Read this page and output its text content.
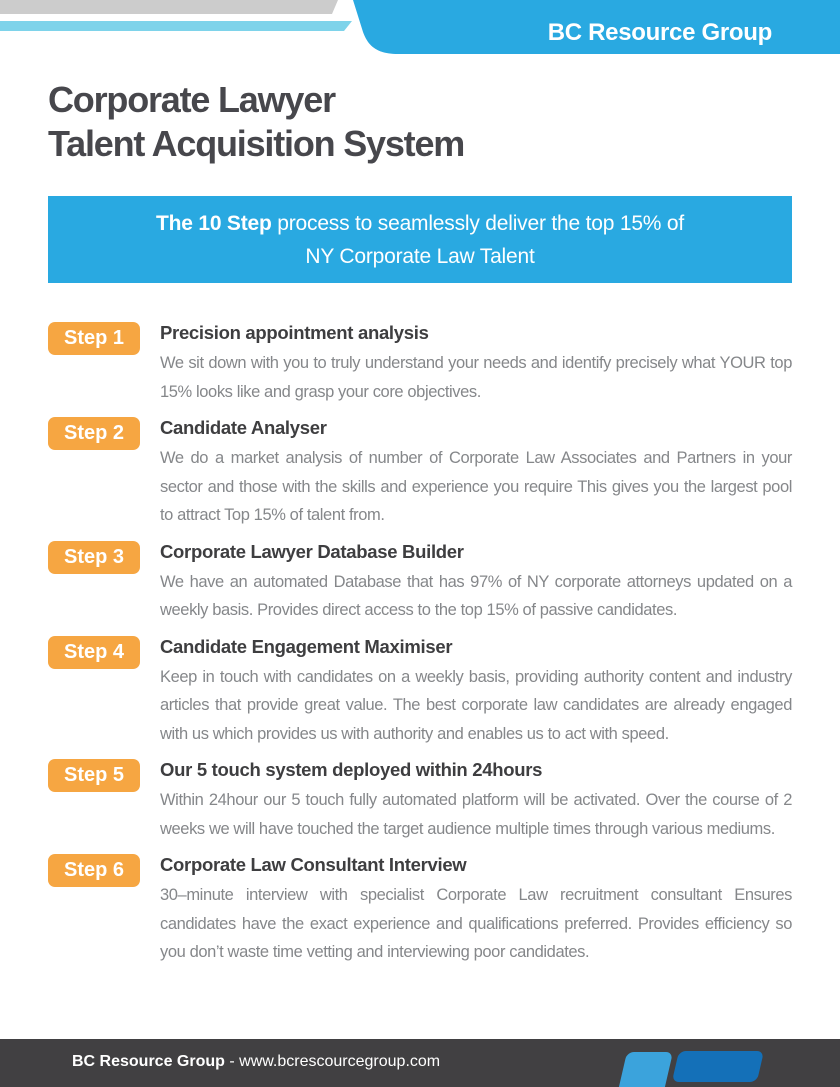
BC Resource Group
Corporate Lawyer
Talent Acquisition System
The 10 Step process to seamlessly deliver the top 15% of
NY Corporate Law Talent
Step 1	Precision appointment analysis

We sit down with you to truly understand your needs and identify precisely what YOUR top 15% looks like and grasp your core objectives.

Step 2	Candidate Analyser

We do a market analysis of number of Corporate Law Associates and Partners in your sector and those with the skills and experience you require This gives you the largest pool to attract Top 15% of talent from.

Step 3	Corporate Lawyer Database Builder

We have an automated Database that has 97% of NY corporate attorneys updated on a weekly basis. Provides direct access to the top 15% of passive candidates.

Step 4	Candidate Engagement Maximiser

Keep in touch with candidates on a weekly basis, providing authority content and industry articles that provide great value. The best corporate law candidates are already engaged with us which provides us with authority and enables us to act with speed.

Step 5	Our 5 touch system deployed within 24hours

Within 24hour our 5 touch fully automated platform will be activated. Over the course of 2 weeks we will have touched the target audience multiple times through various mediums.

Step 6	Corporate Law Consultant Interview

30–minute interview with specialist Corporate Law recruitment consultant Ensures candidates have the exact experience and qualifications preferred. Provides efficiency so you don’t waste time vetting and interviewing poor candidates.

BC Resource Group - www.bcrescourcegroup.com
